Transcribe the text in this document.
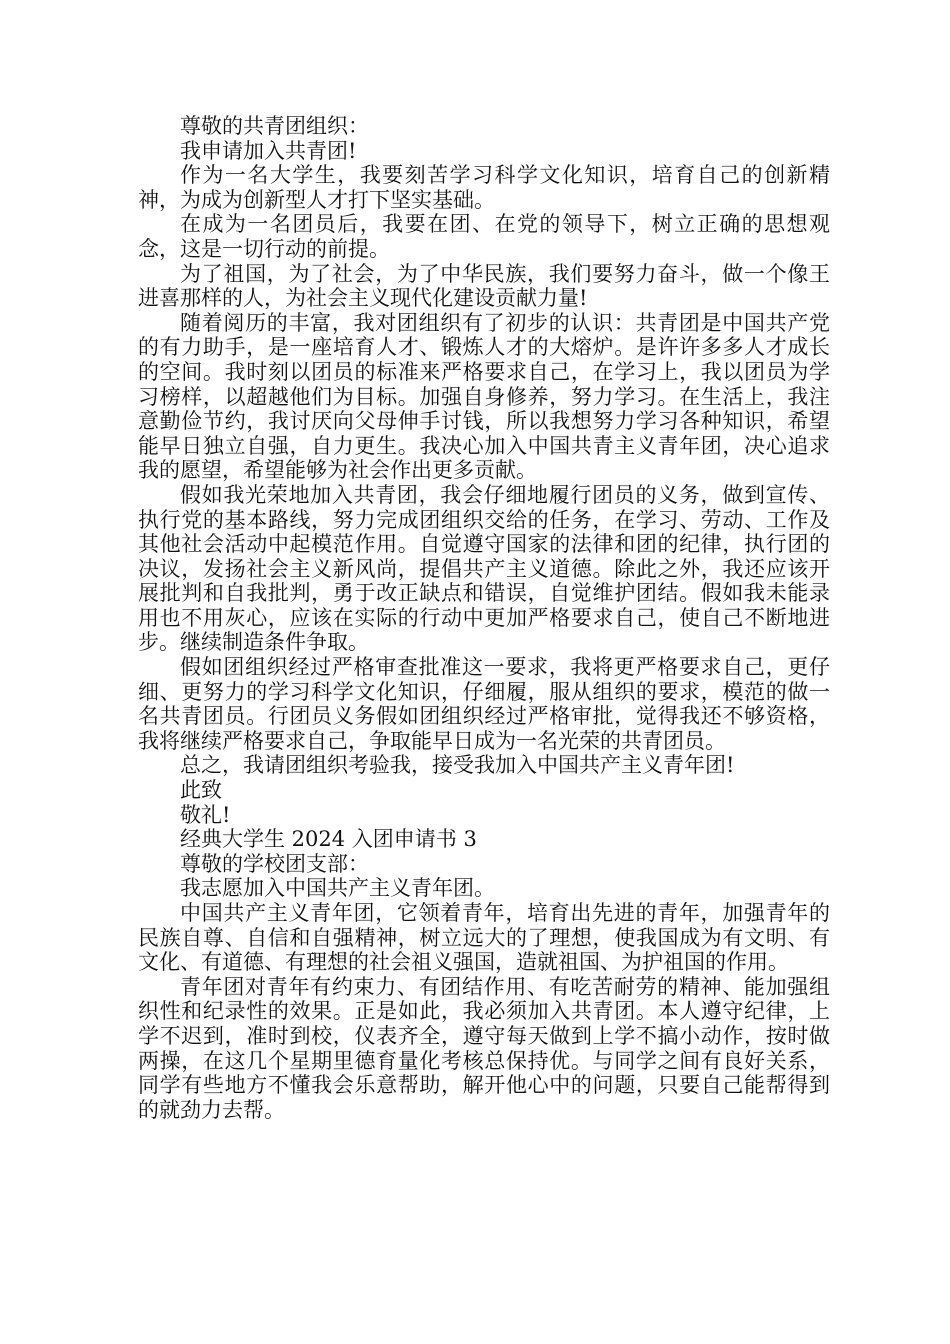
尊敬的共青团组织：

我申请加入共青团!

作为一名大学生，我要刻苦学习科学文化知识，培育自己的创新精神，为成为创新型人才打下坚实基础。

在成为一名团员后，我要在团、在党的领导下，树立正确的思想观念，这是一切行动的前提。

为了祖国，为了社会，为了中华民族，我们要努力奋斗，做一个像王进喜那样的人，为社会主义现代化建设贡献力量!

随着阅历的丰富，我对团组织有了初步的认识：共青团是中国共产党的有力助手，是一座培育人才、锻炼人才的大熔炉。是许许多多人才成长的空间。我时刻以团员的标准来严格要求自己，在学习上，我以团员为学习榜样，以超越他们为目标。加强自身修养，努力学习。在生活上，我注意勤俭节约，我讨厌向父母伸手讨钱，所以我想努力学习各种知识，希望能早日独立自强，自力更生。我决心加入中国共青主义青年团，决心追求我的愿望，希望能够为社会作出更多贡献。

假如我光荣地加入共青团，我会仔细地履行团员的义务，做到宣传、执行党的基本路线，努力完成团组织交给的任务，在学习、劳动、工作及其他社会活动中起模范作用。自觉遵守国家的法律和团的纪律，执行团的决议，发扬社会主义新风尚，提倡共产主义道德。除此之外，我还应该开展批判和自我批判，勇于改正缺点和错误，自觉维护团结。假如我未能录用也不用灰心，应该在实际的行动中更加严格要求自己，使自己不断地进步。继续制造条件争取。

假如团组织经过严格审查批准这一要求，我将更严格要求自己，更仔细、更努力的学习科学文化知识，仔细履，服从组织的要求，模范的做一名共青团员。行团员义务假如团组织经过严格审批，觉得我还不够资格，我将继续严格要求自己，争取能早日成为一名光荣的共青团员。

总之，我请团组织考验我，接受我加入中国共产主义青年团!

此致

敬礼!

经典大学生 2024 入团申请书 3

尊敬的学校团支部：

我志愿加入中国共产主义青年团。

中国共产主义青年团，它领着青年，培育出先进的青年，加强青年的民族自尊、自信和自强精神，树立远大的了理想，使我国成为有文明、有文化、有道德、有理想的社会祖义强国，造就祖国、为护祖国的作用。

青年团对青年有约束力、有团结作用、有吃苦耐劳的精神、能加强组织性和纪录性的效果。正是如此，我必须加入共青团。本人遵守纪律，上学不迟到，准时到校，仪表齐全，遵守每天做到上学不搞小动作，按时做两操，在这几个星期里德育量化考核总保持优。与同学之间有良好关系，同学有些地方不懂我会乐意帮助，解开他心中的问题，只要自己能帮得到的就劲力去帮。
